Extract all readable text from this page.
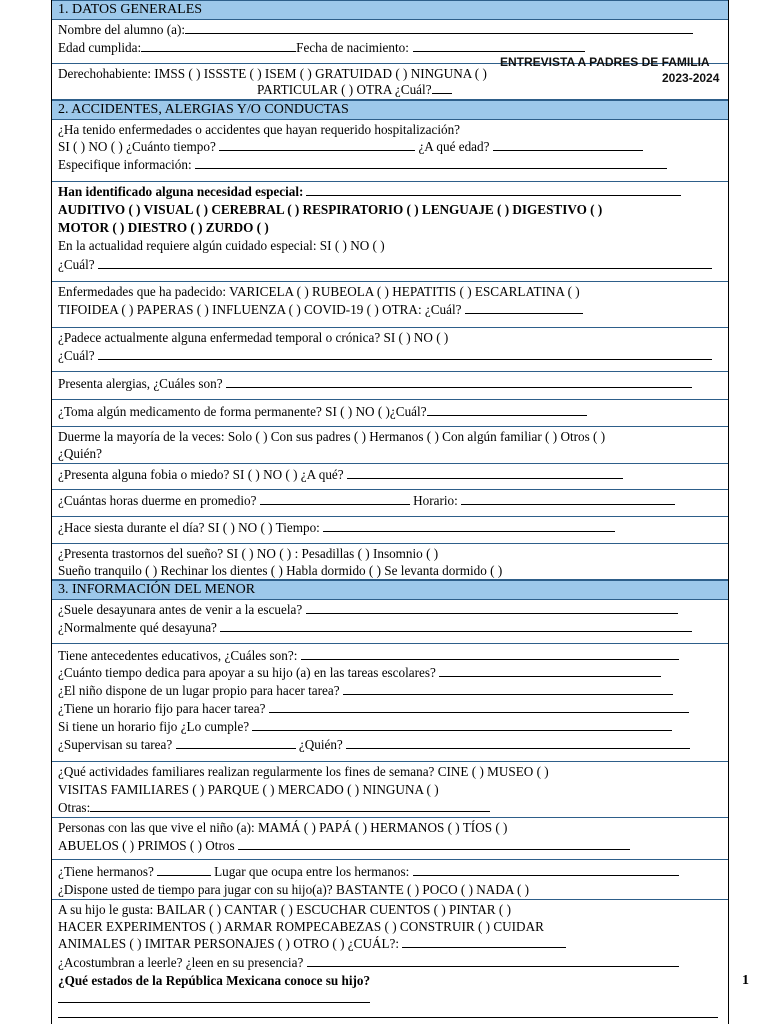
1. DATOS GENERALES
Nombre del alumno (a):
Edad cumplida:	Fecha de nacimiento:
ENTREVISTA A PADRES DE FAMILIA
2023-2024
Derechohabiente: IMSS ( ) ISSSTE ( ) ISEM ( ) GRATUIDAD ( ) NINGUNA ( )
PARTICULAR ( ) OTRA ¿Cuál?
2. ACCIDENTES, ALERGIAS Y/O CONDUCTAS
¿Ha tenido enfermedades o accidentes que hayan requerido hospitalización?
SI ( ) NO ( ) ¿Cuánto tiempo?	¿A qué edad?
Especifique información:
Han identificado alguna necesidad especial:
AUDITIVO ( ) VISUAL ( ) CEREBRAL ( ) RESPIRATORIO ( ) LENGUAJE ( ) DIGESTIVO ( )
MOTOR ( ) DIESTRO ( ) ZURDO ( )
En la actualidad requiere algún cuidado especial: SI ( ) NO ( )
¿Cuál?
Enfermedades que ha padecido: VARICELA ( ) RUBEOLA ( ) HEPATITIS ( ) ESCARLATINA ( )
TIFOIDEA ( ) PAPERAS ( ) INFLUENZA ( ) COVID-19 ( ) OTRA: ¿Cuál?
¿Padece actualmente alguna enfermedad temporal o crónica? SI ( ) NO ( )
¿Cuál?
Presenta alergias, ¿Cuáles son?
¿Toma algún medicamento de forma permanente? SI ( ) NO ( )¿Cuál?
Duerme la mayoría de la veces: Solo ( ) Con sus padres ( ) Hermanos ( ) Con algún familiar ( ) Otros ( )
¿Quién?
¿Presenta alguna fobia o miedo? SI ( ) NO ( ) ¿A qué?
¿Cuántas horas duerme en promedio?	Horario:
¿Hace siesta durante el día? SI ( ) NO ( ) Tiempo:
¿Presenta trastornos del sueño? SI ( ) NO ( ) : Pesadillas ( ) Insomnio ( )
Sueño tranquilo ( ) Rechinar los dientes ( ) Habla dormido ( ) Se levanta dormido ( )
3. INFORMACIÓN DEL MENOR
¿Suele desayunara antes de venir a la escuela?
¿Normalmente qué desayuna?
Tiene antecedentes educativos, ¿Cuáles son?:
¿Cuánto tiempo dedica para apoyar a su hijo (a) en las tareas escolares?
¿El niño dispone de un lugar propio para hacer tarea?
¿Tiene un horario fijo para hacer tarea?
Si tiene un horario fijo ¿Lo cumple?
¿Supervisan su tarea?	¿Quién?
¿Qué actividades familiares realizan regularmente los fines de semana? CINE ( ) MUSEO ( )
VISITAS FAMILIARES ( ) PARQUE ( ) MERCADO ( ) NINGUNA ( )
Otras:
Personas con las que vive el niño (a): MAMÁ ( ) PAPÁ ( ) HERMANOS ( ) TÍOS ( )
ABUELOS ( ) PRIMOS ( ) Otros
¿Tiene hermanos?	Lugar que ocupa entre los hermanos:
¿Dispone usted de tiempo para jugar con su hijo(a)? BASTANTE ( ) POCO ( ) NADA ( )
A su hijo le gusta: BAILAR ( ) CANTAR ( ) ESCUCHAR CUENTOS ( ) PINTAR ( )
HACER EXPERIMENTOS ( ) ARMAR ROMPECABEZAS ( ) CONSTRUIR ( ) CUIDAR
ANIMALES ( ) IMITAR PERSONAJES ( ) OTRO ( ) ¿CUÁL?:
¿Acostumbran a leerle? ¿leen en su presencia?
¿Qué estados de la República Mexicana conoce su hijo?	1
